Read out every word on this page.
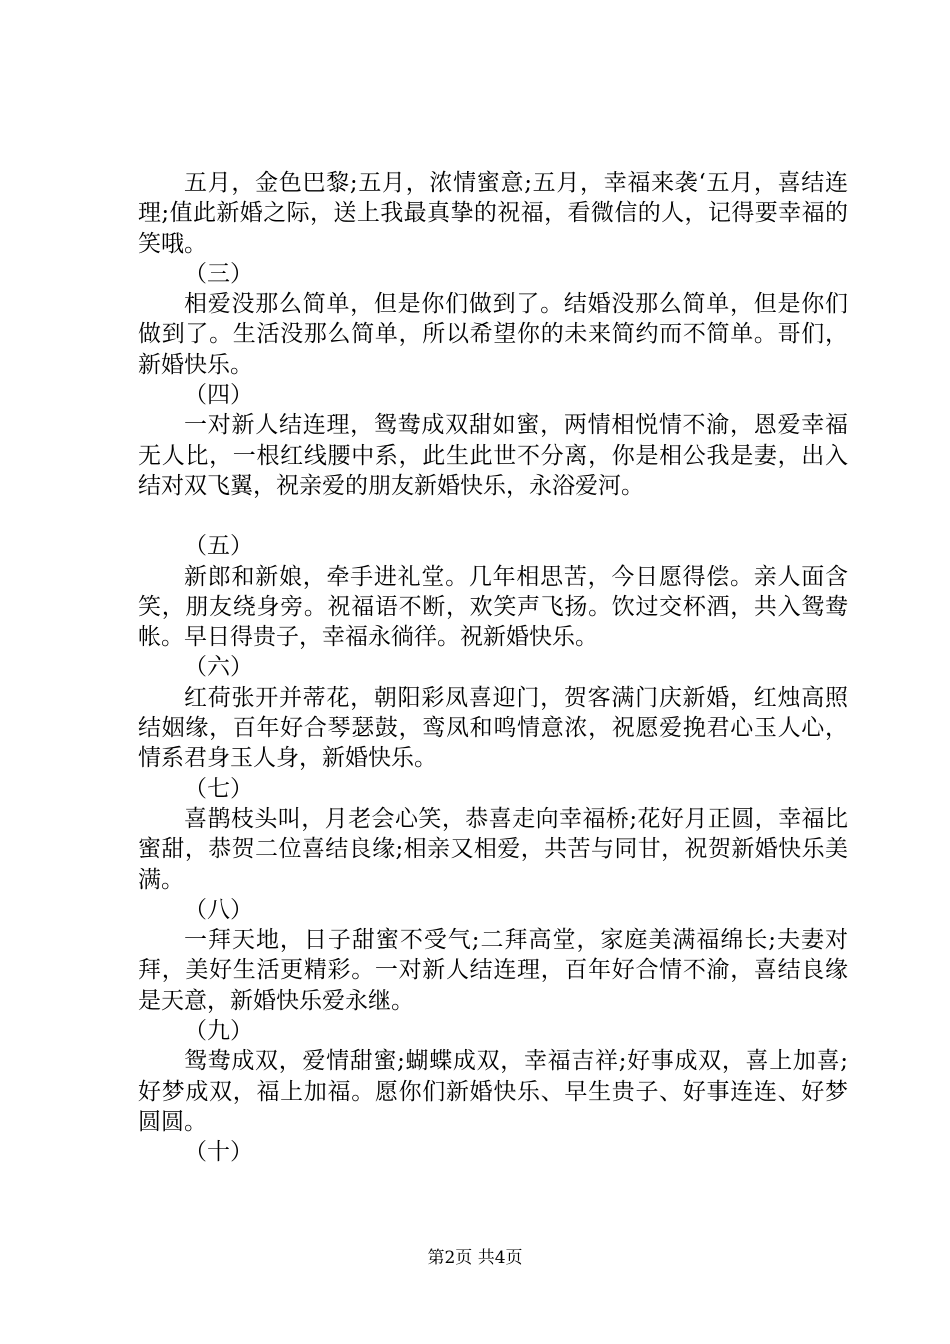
五月，金色巴黎;五月，浓情蜜意;五月，幸福来袭‘五月，喜结连理;值此新婚之际，送上我最真挚的祝福，看微信的人，记得要幸福的笑哦。

（三）

相爱没那么简单，但是你们做到了。结婚没那么简单，但是你们做到了。生活没那么简单，所以希望你的未来简约而不简单。哥们，新婚快乐。

（四）

一对新人结连理，鸳鸯成双甜如蜜，两情相悦情不渝，恩爱幸福无人比，一根红线腰中系，此生此世不分离，你是相公我是妻，出入结对双飞翼，祝亲爱的朋友新婚快乐，永浴爱河。

（五）

新郎和新娘，牵手进礼堂。几年相思苦，今日愿得偿。亲人面含笑，朋友绕身旁。祝福语不断，欢笑声飞扬。饮过交杯酒，共入鸳鸯帐。早日得贵子，幸福永徜徉。祝新婚快乐。

（六）

红荷张开并蒂花，朝阳彩凤喜迎门，贺客满门庆新婚，红烛高照结姻缘，百年好合琴瑟鼓，鸾凤和鸣情意浓，祝愿爱挽君心玉人心，情系君身玉人身，新婚快乐。

（七）

喜鹊枝头叫，月老会心笑，恭喜走向幸福桥;花好月正圆，幸福比蜜甜，恭贺二位喜结良缘;相亲又相爱，共苦与同甘，祝贺新婚快乐美满。

（八）

一拜天地，日子甜蜜不受气;二拜高堂，家庭美满福绵长;夫妻对拜，美好生活更精彩。一对新人结连理，百年好合情不渝，喜结良缘是天意，新婚快乐爱永继。

（九）

鸳鸯成双，爱情甜蜜;蝴蝶成双，幸福吉祥;好事成双，喜上加喜;好梦成双，福上加福。愿你们新婚快乐、早生贵子、好事连连、好梦圆圆。

（十）

第2页 共4页
